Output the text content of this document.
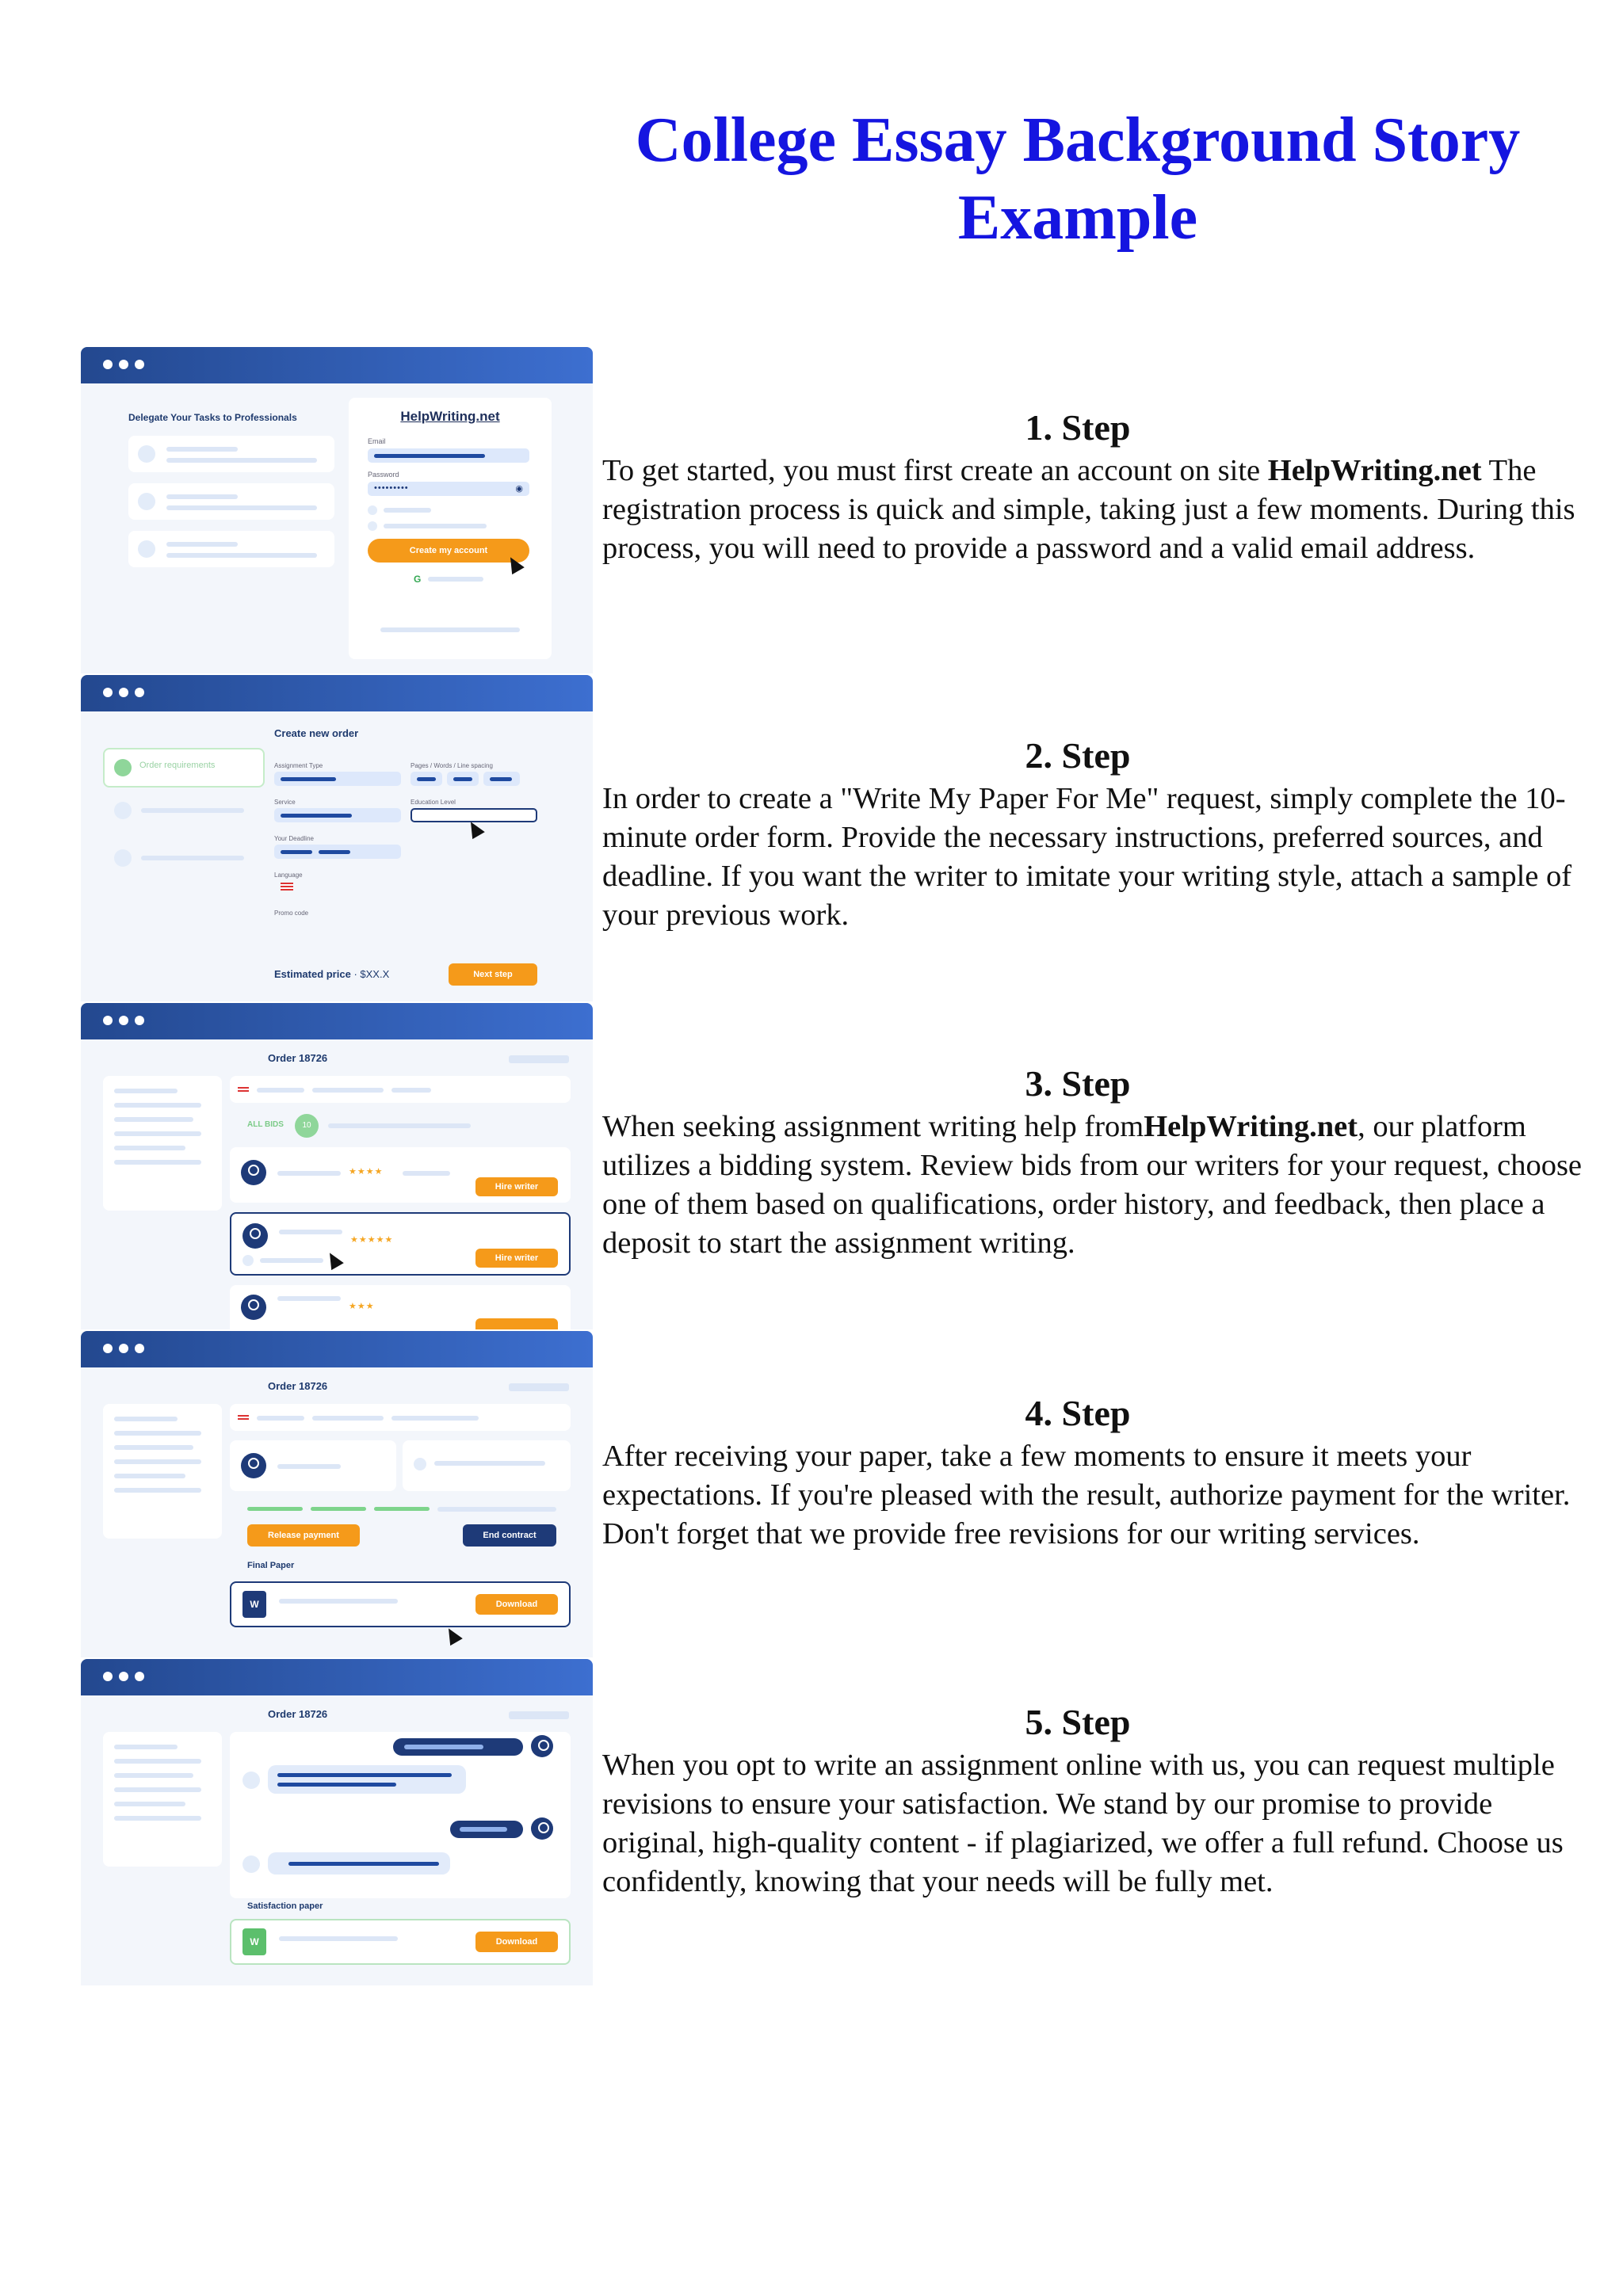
College Essay Background Story Example
Delegate Your Tasks to Professionals	HelpWriting.net
Email
Password
•••••••••	◉
Create my account
G
Order requirements
Create new order
Assignment Type	Pages / Words / Line spacing
Service	Education Level
Your Deadline
Language
Promo code
Estimated price · $XX.X	Next step
Order 18726
ALL BIDS	10
★★★★
Hire writer
★★★★★
Hire writer
★★★
Order 18726
Release payment	End contract
Final Paper
W	Download
Order 18726
Satisfaction paper
W	Download
1. Step

To get started, you must first create an account on site HelpWriting.net The registration process is quick and simple, taking just a few moments. During this process, you will need to provide a password and a valid email address.

2. Step

In order to create a "Write My Paper For Me" request, simply complete the 10-minute order form. Provide the necessary instructions, preferred sources, and deadline. If you want the writer to imitate your writing style, attach a sample of your previous work.

3. Step

When seeking assignment writing help fromHelpWriting.net, our platform utilizes a bidding system. Review bids from our writers for your request, choose one of them based on qualifications, order history, and feedback, then place a deposit to start the assignment writing.

4. Step

After receiving your paper, take a few moments to ensure it meets your expectations. If you're pleased with the result, authorize payment for the writer. Don't forget that we provide free revisions for our writing services.

5. Step

When you opt to write an assignment online with us, you can request multiple revisions to ensure your satisfaction. We stand by our promise to provide original, high-quality content - if plagiarized, we offer a full refund. Choose us confidently, knowing that your needs will be fully met.
